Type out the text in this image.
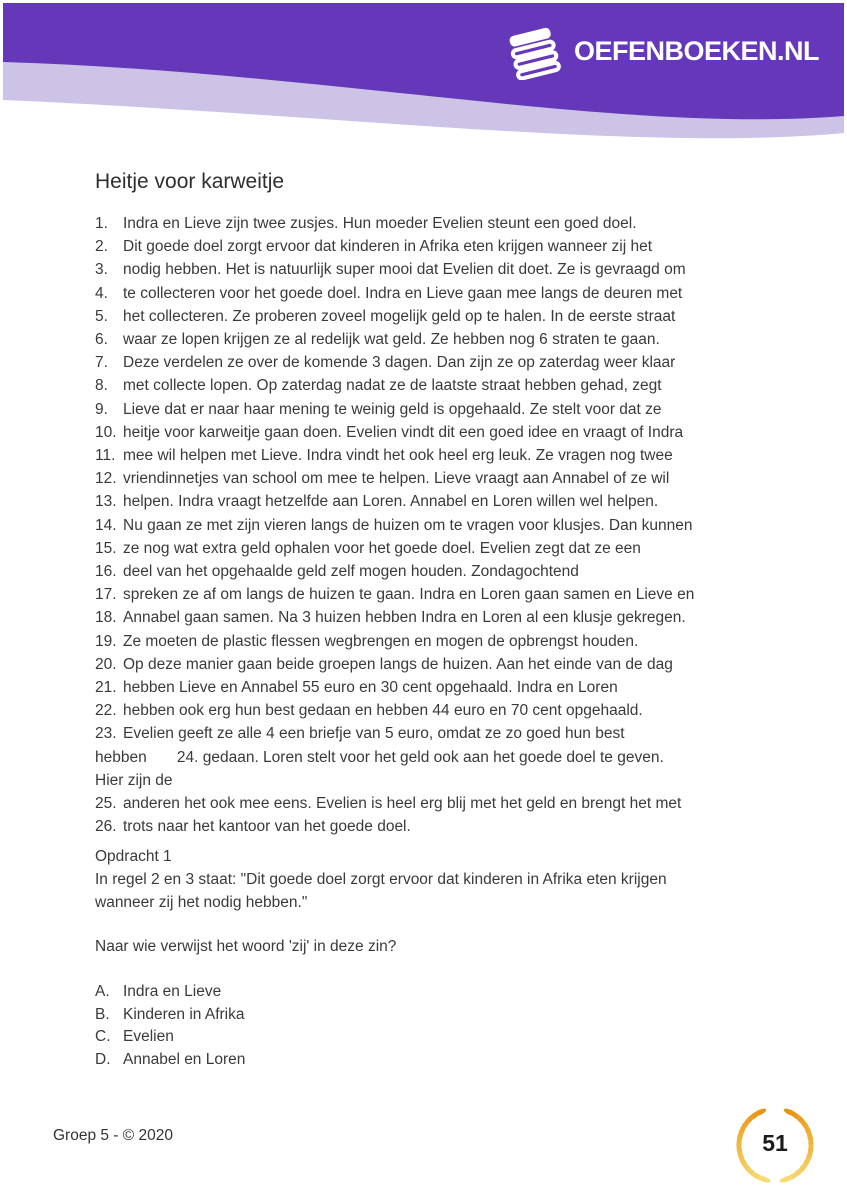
OEFENBOEKEN.NL
Heitje voor karweitje
1. Indra en Lieve zijn twee zusjes. Hun moeder Evelien steunt een goed doel.
2. Dit goede doel zorgt ervoor dat kinderen in Afrika eten krijgen wanneer zij het
3. nodig hebben. Het is natuurlijk super mooi dat Evelien dit doet. Ze is gevraagd om
4. te collecteren voor het goede doel. Indra en Lieve gaan mee langs de deuren met
5. het collecteren. Ze proberen zoveel mogelijk geld op te halen. In de eerste straat
6. waar ze lopen krijgen ze al redelijk wat geld. Ze hebben nog 6 straten te gaan.
7. Deze verdelen ze over de komende 3 dagen. Dan zijn ze op zaterdag weer klaar
8. met collecte lopen. Op zaterdag nadat ze de laatste straat hebben gehad, zegt
9. Lieve dat er naar haar mening te weinig geld is opgehaald. Ze stelt voor dat ze
10. heitje voor karweitje gaan doen. Evelien vindt dit een goed idee en vraagt of Indra
11. mee wil helpen met Lieve. Indra vindt het ook heel erg leuk. Ze vragen nog twee
12. vriendinnetjes van school om mee te helpen. Lieve vraagt aan Annabel of ze wil
13. helpen. Indra vraagt hetzelfde aan Loren. Annabel en Loren willen wel helpen.
14. Nu gaan ze met zijn vieren langs de huizen om te vragen voor klusjes. Dan kunnen
15. ze nog wat extra geld ophalen voor het goede doel. Evelien zegt dat ze een
16. deel van het opgehaalde geld zelf mogen houden. Zondagochtend
17. spreken ze af om langs de huizen te gaan. Indra en Loren gaan samen en Lieve en
18. Annabel gaan samen. Na 3 huizen hebben Indra en Loren al een klusje gekregen.
19. Ze moeten de plastic flessen wegbrengen en mogen de opbrengst houden.
20. Op deze manier gaan beide groepen langs de huizen. Aan het einde van de dag
21. hebben Lieve en Annabel 55 euro en 30 cent opgehaald. Indra en Loren
22. hebben ook erg hun best gedaan en hebben 44 euro en 70 cent opgehaald.
23. Evelien geeft ze alle 4 een briefje van 5 euro, omdat ze zo goed hun best
hebben       24. gedaan. Loren stelt voor het geld ook aan het goede doel te geven.
Hier zijn de
25. anderen het ook mee eens. Evelien is heel erg blij met het geld en brengt het met
26. trots naar het kantoor van het goede doel.
Opdracht 1
In regel 2 en 3 staat: "Dit goede doel zorgt ervoor dat kinderen in Afrika eten krijgen wanneer zij het nodig hebben."
Naar wie verwijst het woord 'zij' in deze zin?
A. Indra en Lieve
B. Kinderen in Afrika
C. Evelien
D. Annabel en Loren
Groep 5 - © 2020	51
